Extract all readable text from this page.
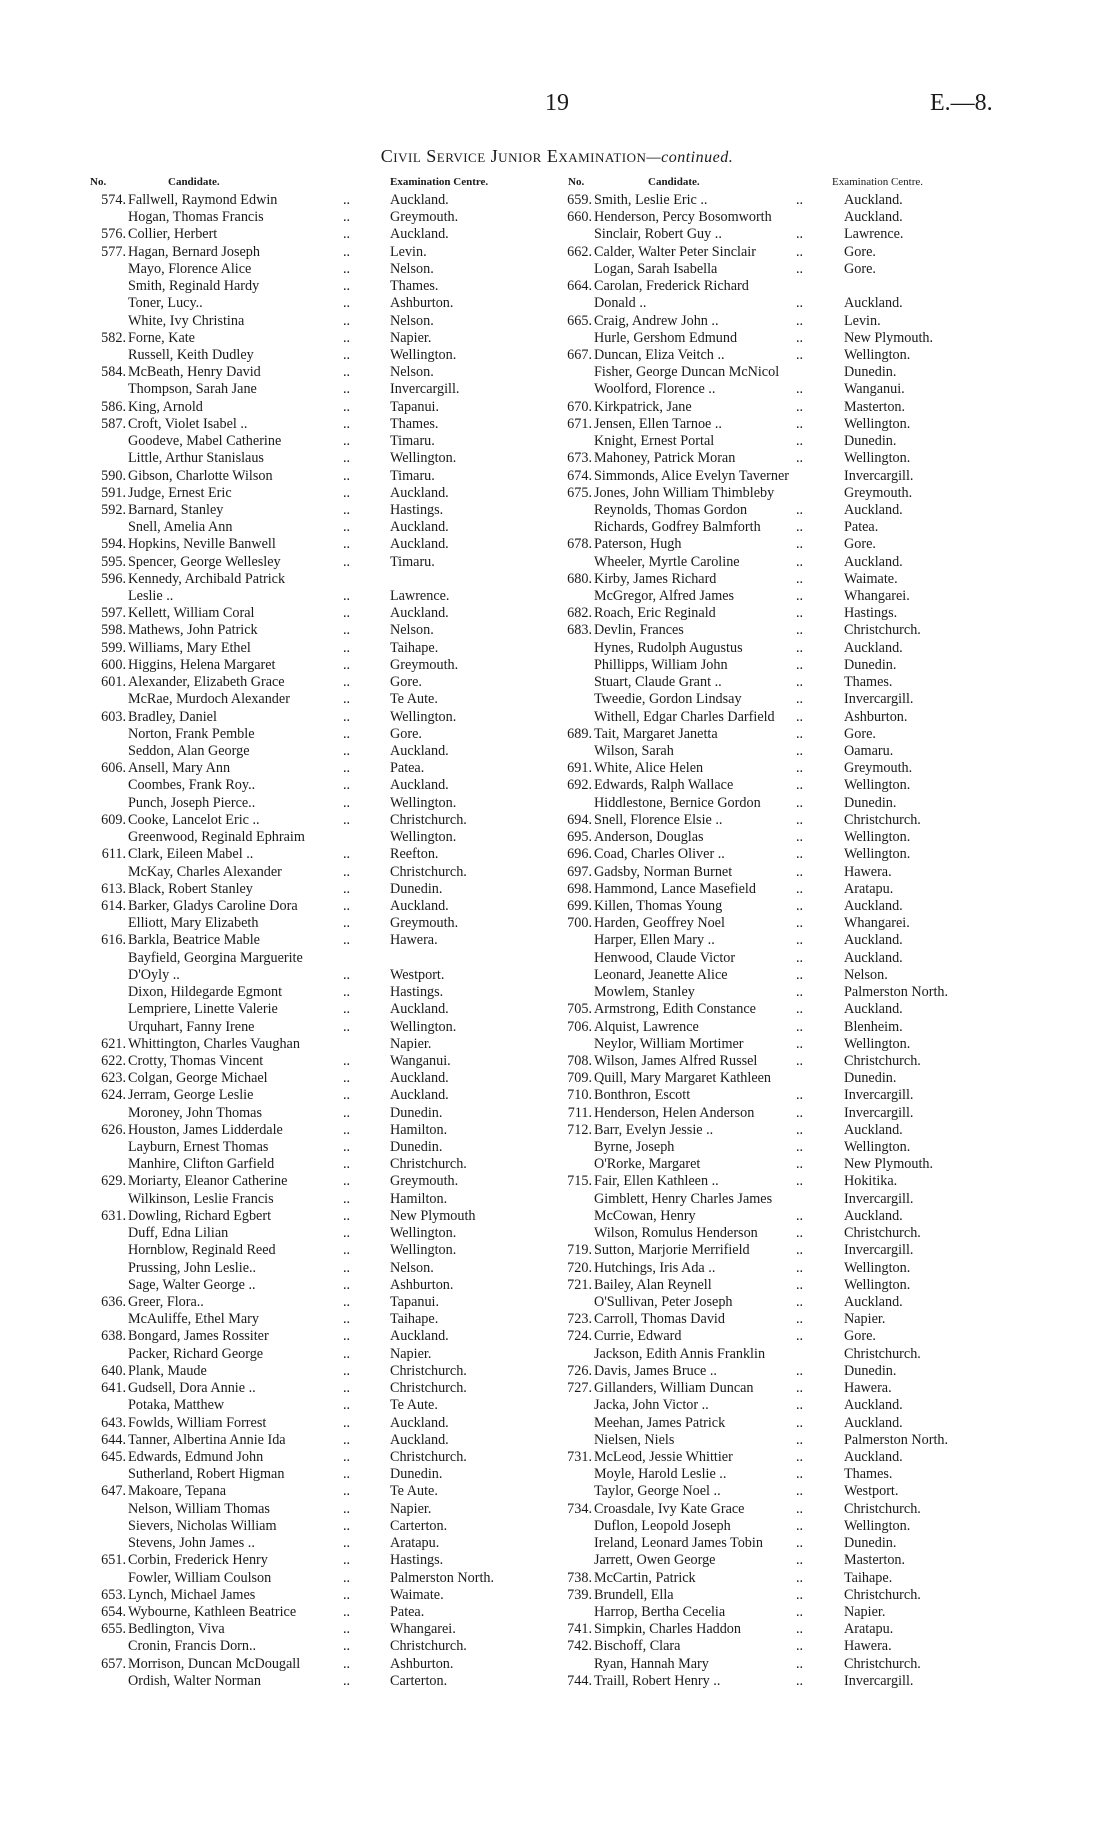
19	E.—8.
Civil Service Junior Examination—continued.
No.	Candidate.	Examination Centre.
574. Fallwell, Raymond Edwin	..	Auckland.
Hogan, Thomas Francis	..	Greymouth.
576. Collier, Herbert	..	Auckland.
577. Hagan, Bernard Joseph	..	Levin.
Mayo, Florence Alice	..	Nelson.
Smith, Reginald Hardy	..	Thames.
Toner, Lucy..	..	Ashburton.
White, Ivy Christina	..	Nelson.
582. Forne, Kate	..	Napier.
Russell, Keith Dudley	..	Wellington.
584. McBeath, Henry David	..	Nelson.
Thompson, Sarah Jane	..	Invercargill.
586. King, Arnold	..	Tapanui.
587. Croft, Violet Isabel ..	..	Thames.
Goodeve, Mabel Catherine	..	Timaru.
Little, Arthur Stanislaus	..	Wellington.
590. Gibson, Charlotte Wilson	..	Timaru.
591. Judge, Ernest Eric	..	Auckland.
592. Barnard, Stanley	..	Hastings.
Snell, Amelia Ann	..	Auckland.
594. Hopkins, Neville Banwell	..	Auckland.
595. Spencer, George Wellesley	..	Timaru.
596. Kennedy, Archibald Patrick
Leslie ..	..	Lawrence.
597. Kellett, William Coral	..	Auckland.
598. Mathews, John Patrick	..	Nelson.
599. Williams, Mary Ethel	..	Taihape.
600. Higgins, Helena Margaret	..	Greymouth.
601. Alexander, Elizabeth Grace	..	Gore.
McRae, Murdoch Alexander	..	Te Aute.
603. Bradley, Daniel	..	Wellington.
Norton, Frank Pemble	..	Gore.
Seddon, Alan George	..	Auckland.
606. Ansell, Mary Ann	..	Patea.
Coombes, Frank Roy..	..	Auckland.
Punch, Joseph Pierce..	..	Wellington.
609. Cooke, Lancelot Eric ..	..	Christchurch.
Greenwood, Reginald Ephraim	Wellington.
611. Clark, Eileen Mabel ..	..	Reefton.
McKay, Charles Alexander	..	Christchurch.
613. Black, Robert Stanley	..	Dunedin.
614. Barker, Gladys Caroline Dora	..	Auckland.
Elliott, Mary Elizabeth	..	Greymouth.
616. Barkla, Beatrice Mable	..	Hawera.
Bayfield, Georgina Marguerite
D'Oyly ..	..	Westport.
Dixon, Hildegarde Egmont	..	Hastings.
Lempriere, Linette Valerie	..	Auckland.
Urquhart, Fanny Irene	..	Wellington.
621. Whittington, Charles Vaughan	Napier.
622. Crotty, Thomas Vincent	..	Wanganui.
623. Colgan, George Michael	..	Auckland.
624. Jerram, George Leslie	..	Auckland.
Moroney, John Thomas	..	Dunedin.
626. Houston, James Lidderdale	..	Hamilton.
Layburn, Ernest Thomas	..	Dunedin.
Manhire, Clifton Garfield	..	Christchurch.
629. Moriarty, Eleanor Catherine	..	Greymouth.
Wilkinson, Leslie Francis	..	Hamilton.
631. Dowling, Richard Egbert	..	New Plymouth
Duff, Edna Lilian	..	Wellington.
Hornblow, Reginald Reed	..	Wellington.
Prussing, John Leslie..	..	Nelson.
Sage, Walter George ..	..	Ashburton.
636. Greer, Flora..	..	Tapanui.
McAuliffe, Ethel Mary	..	Taihape.
638. Bongard, James Rossiter	..	Auckland.
Packer, Richard George	..	Napier.
640. Plank, Maude	..	Christchurch.
641. Gudsell, Dora Annie ..	..	Christchurch.
Potaka, Matthew	..	Te Aute.
643. Fowlds, William Forrest	..	Auckland.
644. Tanner, Albertina Annie Ida	..	Auckland.
645. Edwards, Edmund John	..	Christchurch.
Sutherland, Robert Higman	..	Dunedin.
647. Makoare, Tepana	..	Te Aute.
Nelson, William Thomas	..	Napier.
Sievers, Nicholas William	..	Carterton.
Stevens, John James ..	..	Aratapu.
651. Corbin, Frederick Henry	..	Hastings.
Fowler, William Coulson	..	Palmerston North.
653. Lynch, Michael James	..	Waimate.
654. Wybourne, Kathleen Beatrice	..	Patea.
655. Bedlington, Viva	..	Whangarei.
Cronin, Francis Dorn..	..	Christchurch.
657. Morrison, Duncan McDougall	..	Ashburton.
Ordish, Walter Norman	..	Carterton.
No.	Candidate.	Examination Centre.
659. Smith, Leslie Eric ..	..	Auckland.
660. Henderson, Percy Bosomworth	Auckland.
Sinclair, Robert Guy ..	..	Lawrence.
662. Calder, Walter Peter Sinclair	..	Gore.
Logan, Sarah Isabella	..	Gore.
664. Carolan, Frederick Richard
Donald ..	..	Auckland.
665. Craig, Andrew John ..	..	Levin.
Hurle, Gershom Edmund	..	New Plymouth.
667. Duncan, Eliza Veitch ..	..	Wellington.
Fisher, George Duncan McNicol	Dunedin.
Woolford, Florence ..	..	Wanganui.
670. Kirkpatrick, Jane	..	Masterton.
671. Jensen, Ellen Tarnoe ..	..	Wellington.
Knight, Ernest Portal	..	Dunedin.
673. Mahoney, Patrick Moran	..	Wellington.
674. Simmonds, Alice Evelyn Taverner	Invercargill.
675. Jones, John William Thimbleby	Greymouth.
Reynolds, Thomas Gordon	..	Auckland.
Richards, Godfrey Balmforth ..	Patea.
678. Paterson, Hugh	..	Gore.
Wheeler, Myrtle Caroline	..	Auckland.
680. Kirby, James Richard	..	Waimate.
McGregor, Alfred James	..	Whangarei.
682. Roach, Eric Reginald	..	Hastings.
683. Devlin, Frances	..	Christchurch.
Hynes, Rudolph Augustus	..	Auckland.
Phillipps, William John	..	Dunedin.
Stuart, Claude Grant ..	..	Thames.
Tweedie, Gordon Lindsay	..	Invercargill.
Withell, Edgar Charles Darfield ..	Ashburton.
689. Tait, Margaret Janetta	..	Gore.
Wilson, Sarah	..	Oamaru.
691. White, Alice Helen	..	Greymouth.
692. Edwards, Ralph Wallace	..	Wellington.
Hiddlestone, Bernice Gordon ..	Dunedin.
694. Snell, Florence Elsie ..	..	Christchurch.
695. Anderson, Douglas	..	Wellington.
696. Coad, Charles Oliver ..	..	Wellington.
697. Gadsby, Norman Burnet	..	Hawera.
698. Hammond, Lance Masefield	..	Aratapu.
699. Killen, Thomas Young	..	Auckland.
700. Harden, Geoffrey Noel	..	Whangarei.
Harper, Ellen Mary ..	..	Auckland.
Henwood, Claude Victor	..	Auckland.
Leonard, Jeanette Alice	..	Nelson.
Mowlem, Stanley	..	Palmerston North.
705. Armstrong, Edith Constance	..	Auckland.
706. Alquist, Lawrence	..	Blenheim.
Neylor, William Mortimer	..	Wellington.
708. Wilson, James Alfred Russel	..	Christchurch.
709. Quill, Mary Margaret Kathleen	Dunedin.
710. Bonthron, Escott	..	Invercargill.
711. Henderson, Helen Anderson	..	Invercargill.
712. Barr, Evelyn Jessie ..	..	Auckland.
Byrne, Joseph	..	Wellington.
O'Rorke, Margaret	..	New Plymouth.
715. Fair, Ellen Kathleen ..	..	Hokitika.
Gimblett, Henry Charles James	Invercargill.
McCowan, Henry	..	Auckland.
Wilson, Romulus Henderson	..	Christchurch.
719. Sutton, Marjorie Merrifield	..	Invercargill.
720. Hutchings, Iris Ada ..	..	Wellington.
721. Bailey, Alan Reynell	..	Wellington.
O'Sullivan, Peter Joseph	..	Auckland.
723. Carroll, Thomas David	..	Napier.
724. Currie, Edward	..	Gore.
Jackson, Edith Annis Franklin	Christchurch.
726. Davis, James Bruce ..	..	Dunedin.
727. Gillanders, William Duncan	..	Hawera.
Jacka, John Victor ..	..	Auckland.
Meehan, James Patrick	..	Auckland.
Nielsen, Niels	..	Palmerston North.
731. McLeod, Jessie Whittier	..	Auckland.
Moyle, Harold Leslie ..	..	Thames.
Taylor, George Noel ..	..	Westport.
734. Croasdale, Ivy Kate Grace	..	Christchurch.
Duflon, Leopold Joseph	..	Wellington.
Ireland, Leonard James Tobin ..	Dunedin.
Jarrett, Owen George	..	Masterton.
738. McCartin, Patrick	..	Taihape.
739. Brundell, Ella	..	Christchurch.
Harrop, Bertha Cecelia	..	Napier.
741. Simpkin, Charles Haddon	..	Aratapu.
742. Bischoff, Clara	..	Hawera.
Ryan, Hannah Mary	..	Christchurch.
744. Traill, Robert Henry ..	..	Invercargill.
